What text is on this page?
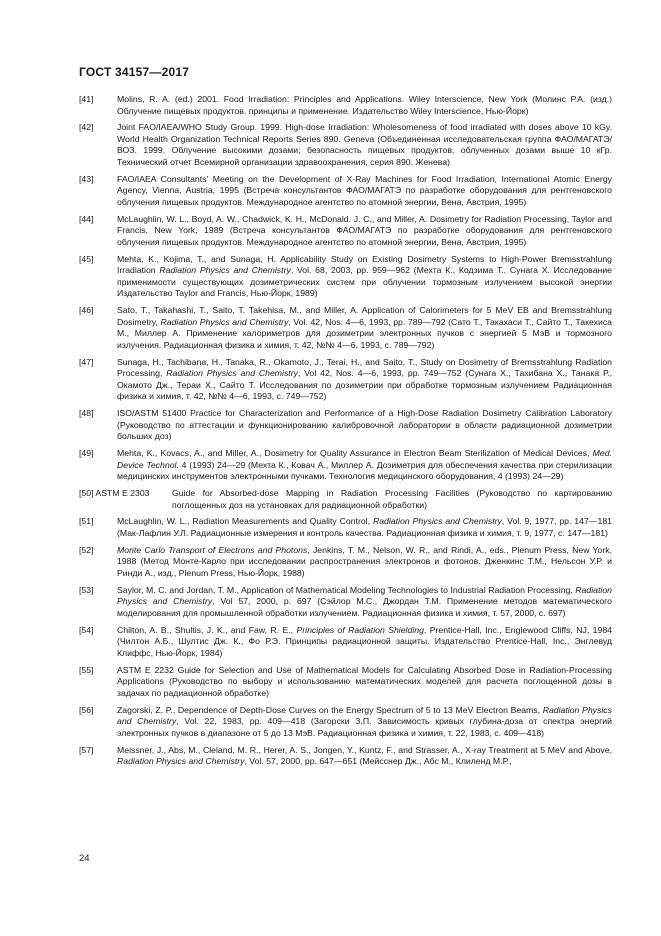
ГОСТ 34157—2017
[41]	Molins, R. A. (ed.) 2001. Food Irradiation: Principles and Applications. Wiley Interscience, New York (Молинс Р.А. (изд.) Облучение пищевых продуктов. принципы и применение. Издательство Wiley Interscience, Нью-Йорк)
[42]	Joint FAO/IAEA/WHO Study Group. 1999. High-dose Irradiation: Wholesomeness of food irradiated with doses above 10 kGy. World Health Organization Technical Reports Series 890. Geneva (Объединенная исследовательская группа ФАО/МАГАТЭ/ВОЗ. 1999. Облучение высокими дозами; безопасность пищевых продуктов, облученных дозами выше 10 кГр. Технический отчет Всемирной организации здравоохранения, серия 890. Женева)
[43]	FAO/IAEA Consultants' Meeting on the Development of X-Ray Machines for Food Irradiation, International Atomic Energy Agency, Vienna, Austria, 1995 (Встреча консультантов ФАО/МАГАТЭ по разработке оборудования для рентгеновского облучения пищевых продуктов. Международное агентство по атомной энергии, Вена, Австрия, 1995)
[44]	McLaughlin, W. L., Boyd, A. W., Chadwick, K. H., McDonald. J. C., and Miller, A. Dosimetry for Radiation Processing, Taylor and Francis, New York, 1989 (Встреча консультантов ФАО/МАГАТЭ по разработке оборудования для рентгеновского облучения пищевых продуктов. Международное агентство по атомной энергии, Вена, Австрия, 1995)
[45]	Mehta, K., Kojima, T., and Sunaga, H. Applicability Study on Existing Dosimetry Systems to High-Power Bremsstrahlung Irradiation Radiation Physics and Chemistry, Vol. 68, 2003, pp. 959—962 (Мехта К., Кодзима Т., Сунага Х. Исследование применимости существующих дозиметрических систем при облучении тормозным излучением высокой энергии Издательство Taylor and Francis, Нью-Йорк, 1989)
[46]	Sato, T., Takahashi, T., Saito, T. Takehisa, M., and Miller, A. Application of Calorimeters for 5 MeV EB and Bremsstrahlung Dosimetry, Radiation Physics and Chemistry, Vol. 42, Nos. 4—6, 1993, pp. 789—792 (Сато Т., Такахаси Т., Сайто Т., Такехиса М., Миллер А. Применение калориметров для дозиметрии электронных пучков с энергией 5 МэВ и тормозного излучения. Радиационная физика и химия, т. 42, №№ 4—6, 1993, с. 789—792)
[47]	Sunaga, H., Tachibana, H., Tanaka, R., Okamoto, J., Terai, H., and Saito, T., Study on Dosimetry of Bremsstrahlung Radiation Processing, Radiation Physics and Chemistry, Vol 42, Nos. 4—6, 1993, pp. 749—752 (Сунага Х., Тахибана Х., Танака Р., Окамото Дж., Тераи Х., Сайто Т. Исследования по дозиметрии при обработке тормозным излучением Радиационная физика и химия, т. 42, №№ 4—6, 1993, с. 749—752)
[48]	ISO/ASTM 51400 Practice for Characterization and Performance of a High-Dose Radiation Dosimetry Calibration Laboratory (Руководство по аттестации и функционированию калибровочной лаборатории в области радиационной дозиметрии больших доз)
[49]	Mehta, K., Kovacs, A., and Miller, A., Dosimetry for Quality Assurance in Electron Beam Sterilization of Medical Devices, Med. Device Technol. 4 (1993) 24—29 (Мехта К., Ковач А., Миллер А. Дозиметрия для обеспечения качества при стерилизации медицинских инструментов электронными пучками. Технология медицинского оборудования, 4 (1993) 24—29)
[50] ASTM E 2303	Guide for Absorbed-dose Mapping in Radiation Processing Facilities (Руководство по картированию поглощенных доз на установках для радиационной обработки)
[51]	McLaughlin, W. L., Radiation Measurements and Quality Control, Radiation Physics and Chemistry, Vol. 9, 1977, pp. 147—181 (Мак-Лафлин У.Л. Радиационные измерения и контроль качества. Радиационная физика и химия, т. 9, 1977, с. 147—181)
[52]	Monte Carlo Transport of Electrons and Photons, Jenkins, T. M., Nelson, W. R., and Rindi, A., eds., Plenum Press, New York, 1988 (Метод Монте-Карло при исследовании распространения электронов и фотонов. Дженкинс Т.М., Нельсон У.Р. и Ринди А., изд., Plenum Press, Нью-Йорк, 1988)
[53]	Saylor, M. C. and Jordan, T. M., Application of Mathematical Modeling Technologies to Industrial Radiation Processing, Radiation Physics and Chemistry, Vol 57, 2000, p. 697 (Сэйлор М.С., Джордан Т.М. Применение методов математического моделирования для промышленной обработки излучением. Радиационная физика и химия, т. 57, 2000, с. 697)
[54]	Chilton, A. B., Shultis, J. K., and Faw, R. E., Principles of Radiation Shielding, Prentice-Hall, Inc., Englewood Cliffs, NJ, 1984 (Чилтон А.Б., Шултис Дж. К., Фо Р.Э. Принципы радиационной защиты. Издательство Prentice-Hall, Inc., Энглевуд Клиффс, Нью-Йорк, 1984)
[55]	ASTM E 2232 Guide for Selection and Use of Mathematical Models for Calculating Absorbed Dose in Radiation-Processing Applications (Руководство по выбору и использованию математических моделей для расчета поглощенной дозы в задачах по радиационной обработке)
[56]	Zagorski, Z. P., Dependence of Depth-Dose Curves on the Energy Spectrum of 5 to 13 MeV Electron Beams, Radiation Physics and Chemistry, Vol. 22, 1983, pp. 409—418 (Загорски З.П. Зависимость кривых глубина-доза от спектра энергий электронных пучков в диапазоне от 5 до 13 МэВ. Радиационная физика и химия, т. 22, 1983, с. 409—418)
[57]	Meissner, J., Abs, M., Cleland, M. R., Herer, A. S., Jongen, Y., Kuntz, F., and Strasser, A., X-ray Treatment at 5 MeV and Above, Radiation Physics and Chemistry, Vol. 57, 2000, pp. 647—651 (Мейсснер Дж., Абс М., Клиленд М.Р.,
24
